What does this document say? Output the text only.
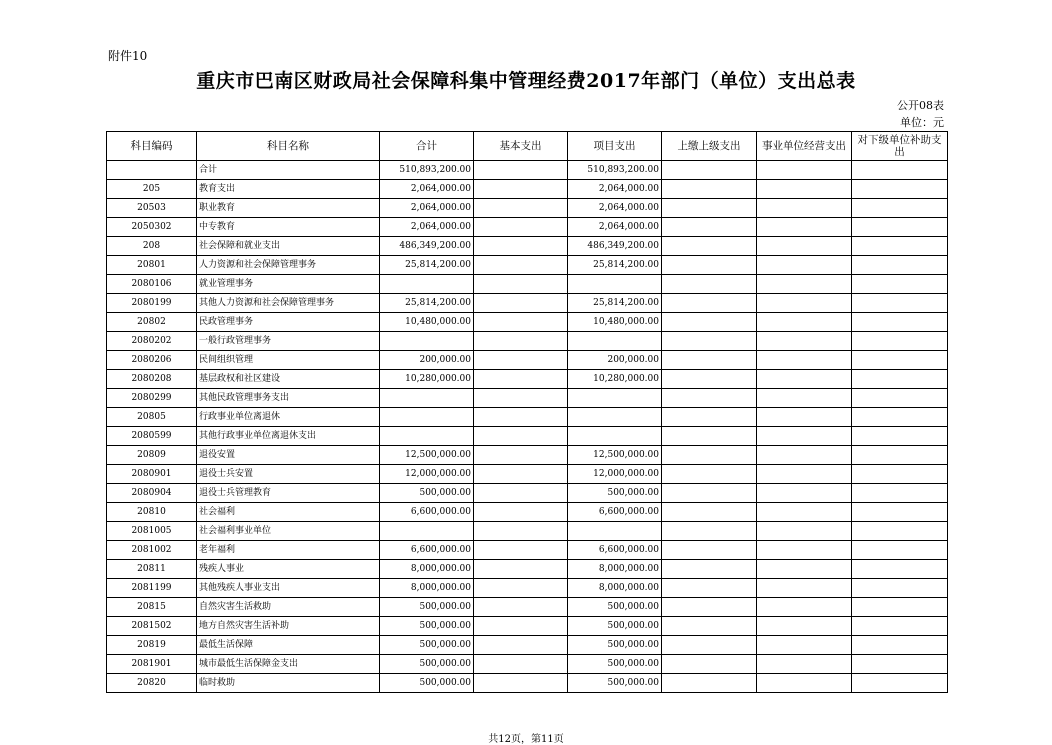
附件10
重庆市巴南区财政局社会保障科集中管理经费2017年部门（单位）支出总表
公开08表
单位：元
科目编码	科目名称	合计	基本支出	项目支出	上缴上级支出	事业单位经营支出	对下级单位补助支出
	合计	510,893,200.00		510,893,200.00			
205	教育支出	2,064,000.00		2,064,000.00			
20503	职业教育	2,064,000.00		2,064,000.00			
2050302	中专教育	2,064,000.00		2,064,000.00			
208	社会保障和就业支出	486,349,200.00		486,349,200.00			
20801	人力资源和社会保障管理事务	25,814,200.00		25,814,200.00			
2080106	就业管理事务						
2080199	其他人力资源和社会保障管理事务	25,814,200.00		25,814,200.00			
20802	民政管理事务	10,480,000.00		10,480,000.00			
2080202	一般行政管理事务						
2080206	民间组织管理	200,000.00		200,000.00			
2080208	基层政权和社区建设	10,280,000.00		10,280,000.00			
2080299	其他民政管理事务支出						
20805	行政事业单位离退休						
2080599	其他行政事业单位离退休支出						
20809	退役安置	12,500,000.00		12,500,000.00			
2080901	退役士兵安置	12,000,000.00		12,000,000.00			
2080904	退役士兵管理教育	500,000.00		500,000.00			
20810	社会福利	6,600,000.00		6,600,000.00			
2081005	社会福利事业单位						
2081002	老年福利	6,600,000.00		6,600,000.00			
20811	残疾人事业	8,000,000.00		8,000,000.00			
2081199	其他残疾人事业支出	8,000,000.00		8,000,000.00			
20815	自然灾害生活救助	500,000.00		500,000.00			
2081502	地方自然灾害生活补助	500,000.00		500,000.00			
20819	最低生活保障	500,000.00		500,000.00			
2081901	城市最低生活保障金支出	500,000.00		500,000.00			
20820	临时救助	500,000.00		500,000.00			
共12页，第11页
